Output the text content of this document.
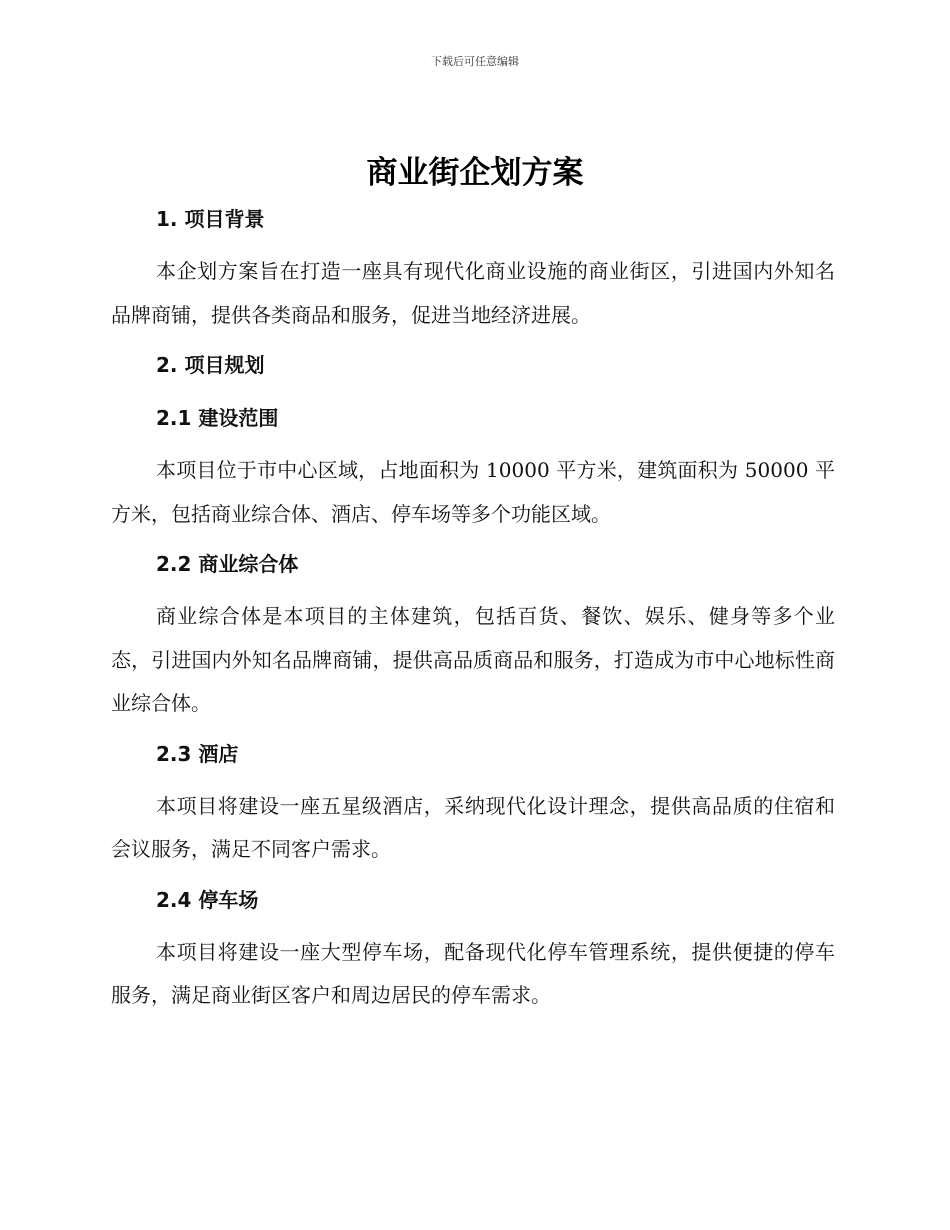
下载后可任意编辑
商业街企划方案
1. 项目背景

本企划方案旨在打造一座具有现代化商业设施的商业街区，引进国内外知名品牌商铺，提供各类商品和服务，促进当地经济进展。

2. 项目规划
2.1 建设范围

本项目位于市中心区域，占地面积为 10000 平方米，建筑面积为 50000 平方米，包括商业综合体、酒店、停车场等多个功能区域。

2.2 商业综合体

商业综合体是本项目的主体建筑，包括百货、餐饮、娱乐、健身等多个业态，引进国内外知名品牌商铺，提供高品质商品和服务，打造成为市中心地标性商业综合体。

2.3 酒店

本项目将建设一座五星级酒店，采纳现代化设计理念，提供高品质的住宿和会议服务，满足不同客户需求。

2.4 停车场

本项目将建设一座大型停车场，配备现代化停车管理系统，提供便捷的停车服务，满足商业街区客户和周边居民的停车需求。
